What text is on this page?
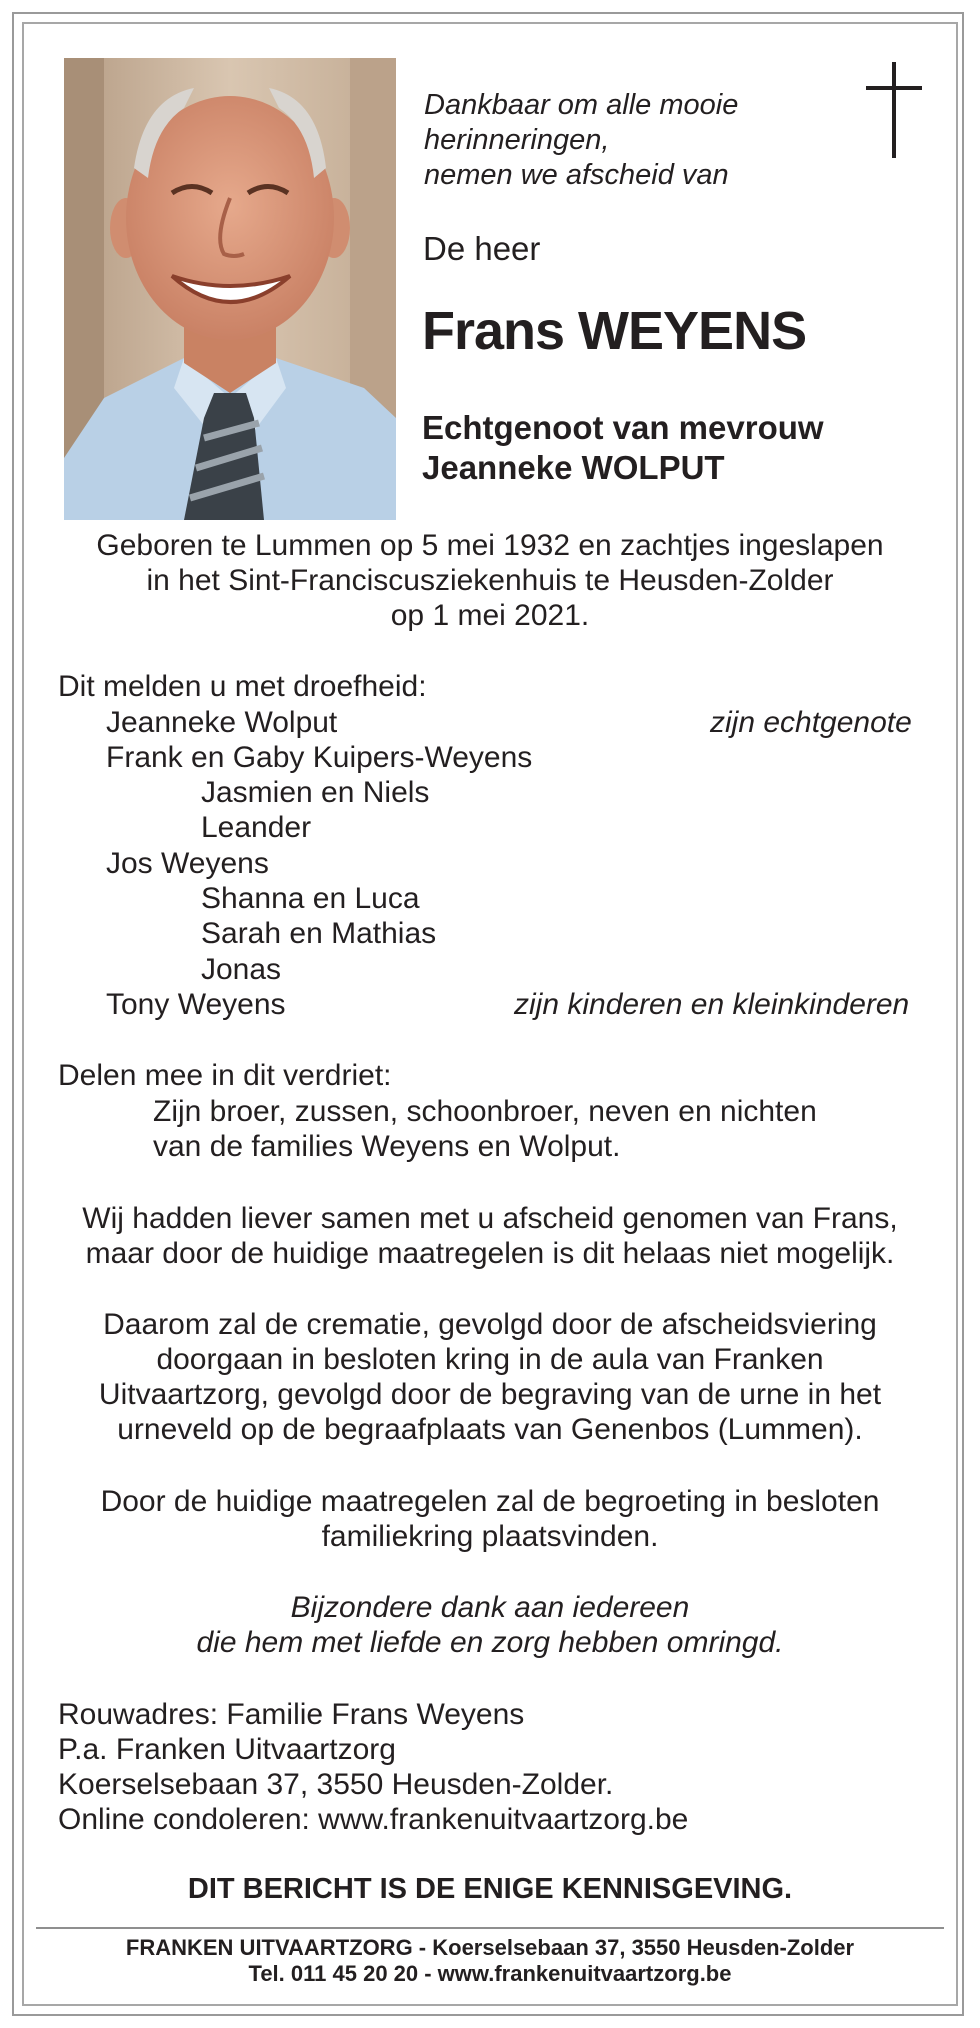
Dankbaar om alle mooie
herinneringen,
nemen we afscheid van
De heer
Frans WEYENS
Echtgenoot van mevrouw
Jeanneke WOLPUT
Geboren te Lummen op 5 mei 1932 en zachtjes ingeslapen
in het Sint-Franciscusziekenhuis te Heusden-Zolder
op 1 mei 2021.
Dit melden u met droefheid:
Jeanneke Wolput	zijn echtgenote
Frank en Gaby Kuipers-Weyens
Jasmien en Niels
Leander
Jos Weyens
Shanna en Luca
Sarah en Mathias
Jonas
Tony Weyens	zijn kinderen en kleinkinderen
Delen mee in dit verdriet:
Zijn broer, zussen, schoonbroer, neven en nichten
van de families Weyens en Wolput.
Wij hadden liever samen met u afscheid genomen van Frans,
maar door de huidige maatregelen is dit helaas niet mogelijk.
Daarom zal de crematie, gevolgd door de afscheidsviering
doorgaan in besloten kring in de aula van Franken
Uitvaartzorg, gevolgd door de begraving van de urne in het
urneveld op de begraafplaats van Genenbos (Lummen).
Door de huidige maatregelen zal de begroeting in besloten
familiekring plaatsvinden.
Bijzondere dank aan iedereen
die hem met liefde en zorg hebben omringd.
Rouwadres: Familie Frans Weyens
P.a. Franken Uitvaartzorg
Koerselsebaan 37, 3550 Heusden-Zolder.
Online condoleren: www.frankenuitvaartzorg.be
DIT BERICHT IS DE ENIGE KENNISGEVING.
FRANKEN UITVAARTZORG - Koerselsebaan 37, 3550 Heusden-Zolder
Tel. 011 45 20 20 - www.frankenuitvaartzorg.be
